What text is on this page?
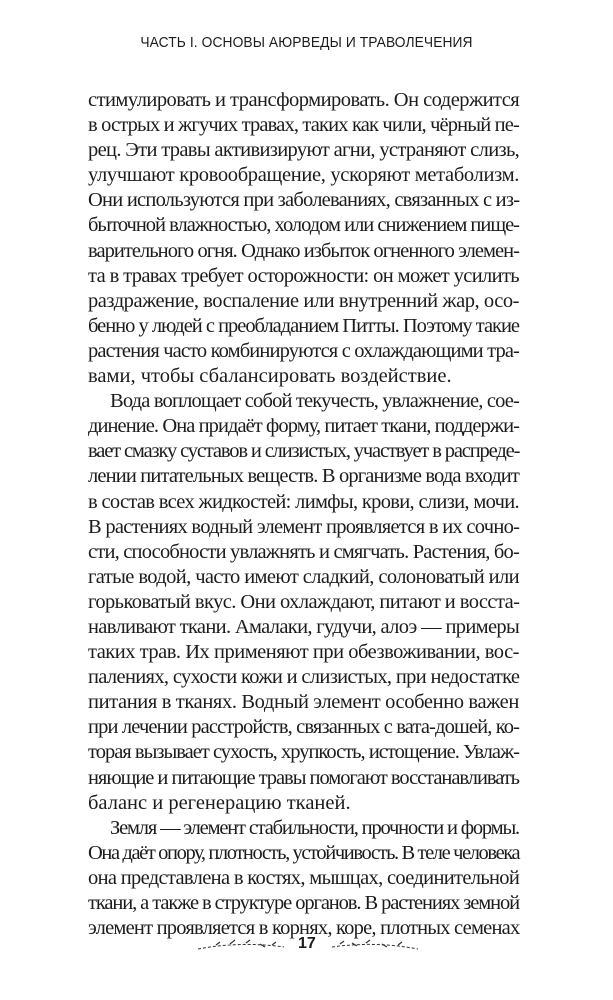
ЧАСТЬ I. ОСНОВЫ АЮРВЕДЫ И ТРАВОЛЕЧЕНИЯ
стимулировать и трансформировать. Он содержится
в острых и жгучих травах, таких как чили, чёрный пе-
рец. Эти травы активизируют агни, устраняют слизь,
улучшают кровообращение, ускоряют метаболизм.
Они используются при заболеваниях, связанных с из-
быточной влажностью, холодом или снижением пище-
варительного огня. Однако избыток огненного элемен-
та в травах требует осторожности: он может усилить
раздражение, воспаление или внутренний жар, осо-
бенно у людей с преобладанием Питты. Поэтому такие
растения часто комбинируются с охлаждающими тра-
вами, чтобы сбалансировать воздействие.
Вода воплощает собой текучесть, увлажнение, сое-
динение. Она придаёт форму, питает ткани, поддержи-
вает смазку суставов и слизистых, участвует в распреде-
лении питательных веществ. В организме вода входит
в состав всех жидкостей: лимфы, крови, слизи, мочи.
В растениях водный элемент проявляется в их сочно-
сти, способности увлажнять и смягчать. Растения, бо-
гатые водой, часто имеют сладкий, солоноватый или
горьковатый вкус. Они охлаждают, питают и восста-
навливают ткани. Амалаки, гудучи, алоэ — примеры
таких трав. Их применяют при обезвоживании, вос-
палениях, сухости кожи и слизистых, при недостатке
питания в тканях. Водный элемент особенно важен
при лечении расстройств, связанных с вата-дошей, ко-
торая вызывает сухость, хрупкость, истощение. Увлаж-
няющие и питающие травы помогают восстанавливать
баланс и регенерацию тканей.
Земля — элемент стабильности, прочности и формы.
Она даёт опору, плотность, устойчивость. В теле человека
она представлена в костях, мышцах, соединительной
ткани, а также в структуре органов. В растениях земной
элемент проявляется в корнях, коре, плотных семенах
17
